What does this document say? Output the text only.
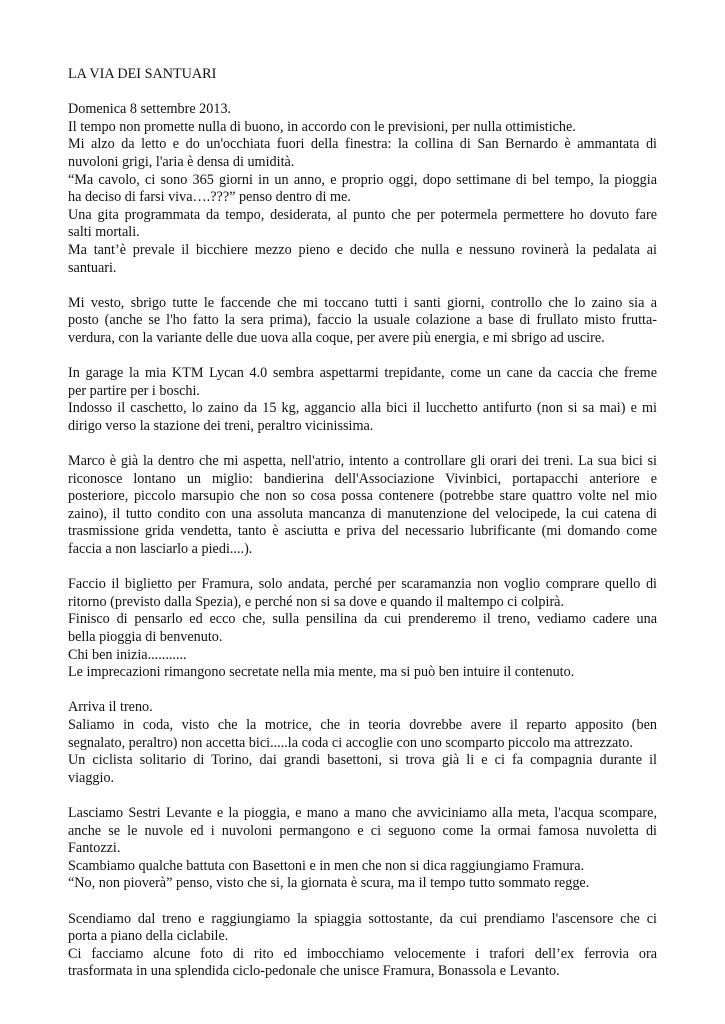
LA VIA DEI SANTUARI
Domenica 8 settembre 2013.
Il tempo non promette nulla di buono, in accordo con le previsioni, per nulla ottimistiche.
Mi alzo da letto e do un'occhiata fuori della finestra: la collina di San Bernardo è ammantata di
nuvoloni grigi, l'aria è densa di umidità.
“Ma cavolo, ci sono 365 giorni in un anno, e proprio oggi, dopo settimane di bel tempo, la pioggia
ha deciso di farsi viva….???” penso dentro di me.
Una gita programmata da tempo, desiderata, al punto che per potermela permettere ho dovuto fare
salti mortali.
Ma tant’è prevale il bicchiere mezzo pieno e decido che nulla e nessuno rovinerà la pedalata ai
santuari.
Mi vesto, sbrigo tutte le faccende che mi toccano tutti i santi giorni, controllo che lo zaino sia a
posto (anche se l'ho fatto la sera prima), faccio la usuale colazione a base di frullato misto frutta-
verdura, con la variante delle due uova alla coque, per avere più energia, e mi sbrigo ad uscire.
In garage la mia KTM Lycan 4.0 sembra aspettarmi trepidante, come un cane da caccia che freme
per partire per i boschi.
Indosso il caschetto, lo zaino da 15 kg, aggancio alla bici il lucchetto antifurto (non si sa mai) e mi
dirigo verso la stazione dei treni, peraltro vicinissima.
Marco è già la dentro che mi aspetta, nell'atrio, intento a controllare gli orari dei treni. La sua bici si
riconosce lontano un miglio: bandierina dell'Associazione Vivinbici, portapacchi anteriore e
posteriore, piccolo marsupio che non so cosa possa contenere (potrebbe stare quattro volte nel mio
zaino), il tutto condito con una assoluta mancanza di manutenzione del velocipede, la cui catena di
trasmissione grida vendetta, tanto è asciutta e priva del necessario lubrificante (mi domando come
faccia a non lasciarlo a piedi....).
Faccio il biglietto per Framura, solo andata, perché per scaramanzia non voglio comprare quello di
ritorno (previsto dalla Spezia), e perché non si sa dove e quando il maltempo ci colpirà.
Finisco di pensarlo ed ecco che, sulla pensilina da cui prenderemo il treno, vediamo cadere una
bella pioggia di benvenuto.
Chi ben inizia...........
Le imprecazioni rimangono secretate nella mia mente, ma si può ben intuire il contenuto.
Arriva il treno.
Saliamo in coda, visto che la motrice, che in teoria dovrebbe avere il reparto apposito (ben
segnalato, peraltro) non accetta bici.....la coda ci accoglie con uno scomparto piccolo ma attrezzato.
Un ciclista solitario di Torino, dai grandi basettoni, si trova già li e ci fa compagnia durante il
viaggio.
Lasciamo Sestri Levante e la pioggia, e mano a mano che avviciniamo alla meta, l'acqua scompare,
anche se le nuvole ed i nuvoloni permangono e ci seguono come la ormai famosa nuvoletta di
Fantozzi.
Scambiamo qualche battuta con Basettoni e in men che non si dica raggiungiamo Framura.
“No, non pioverà” penso, visto che si, la giornata è scura, ma il tempo tutto sommato regge.
Scendiamo dal treno e raggiungiamo la spiaggia sottostante, da cui prendiamo l'ascensore che ci
porta a piano della ciclabile.
Ci facciamo alcune foto di rito ed imbocchiamo velocemente i trafori dell’ex ferrovia ora
trasformata in una splendida ciclo-pedonale che unisce Framura, Bonassola e Levanto.
